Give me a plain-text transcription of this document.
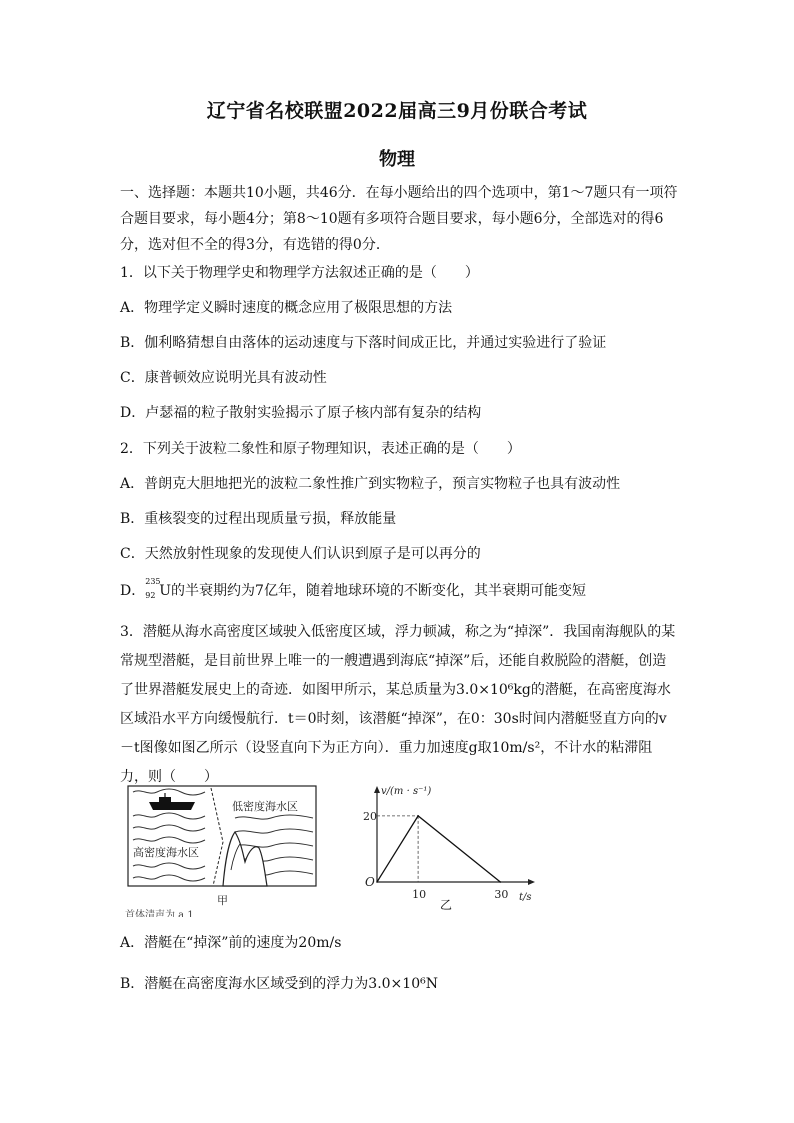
辽宁省名校联盟2022届高三9月份联合考试
物理
一、选择题：本题共10小题，共46分．在每小题给出的四个选项中，第1～7题只有一项符合题目要求，每小题4分；第8～10题有多项符合题目要求，每小题6分，全部选对的得6分，选对但不全的得3分，有选错的得0分．
1．以下关于物理学史和物理学方法叙述正确的是（　　）
A．物理学定义瞬时速度的概念应用了极限思想的方法
B．伽利略猜想自由落体的运动速度与下落时间成正比，并通过实验进行了验证
C．康普顿效应说明光具有波动性
D．卢瑟福的粒子散射实验揭示了原子核内部有复杂的结构
2．下列关于波粒二象性和原子物理知识，表述正确的是（　　）
A．普朗克大胆地把光的波粒二象性推广到实物粒子，预言实物粒子也具有波动性
B．重核裂变的过程出现质量亏损，释放能量
C．天然放射性现象的发现使人们认识到原子是可以再分的
D．
235
92 U的半衰期约为7亿年，随着地球环境的不断变化，其半衰期可能变短
3．潜艇从海水高密度区域驶入低密度区域，浮力顿减，称之为“掉深”．我国南海舰队的某常规型潜艇，是目前世界上唯一的一艘遭遇到海底“掉深”后，还能自救脱险的潜艇，创造了世界潜艇发展史上的奇迹．如图甲所示，某总质量为3.0×10⁶kg的潜艇，在高密度海水区域沿水平方向缓慢航行．t＝0时刻，该潜艇“掉深”，在0：30s时间内潜艇竖直方向的v－t图像如图乙所示（设竖直向下为正方向）．重力加速度g取10m/s²，不计水的粘滞阻力，则（　　）
低密度海水区
高密度海水区
甲
首体清声为 a 1
v/(m · s⁻¹)
t/s
O
20
10	30
乙
A．潜艇在“掉深”前的速度为20m/s
B．潜艇在高密度海水区域受到的浮力为3.0×10⁶N
